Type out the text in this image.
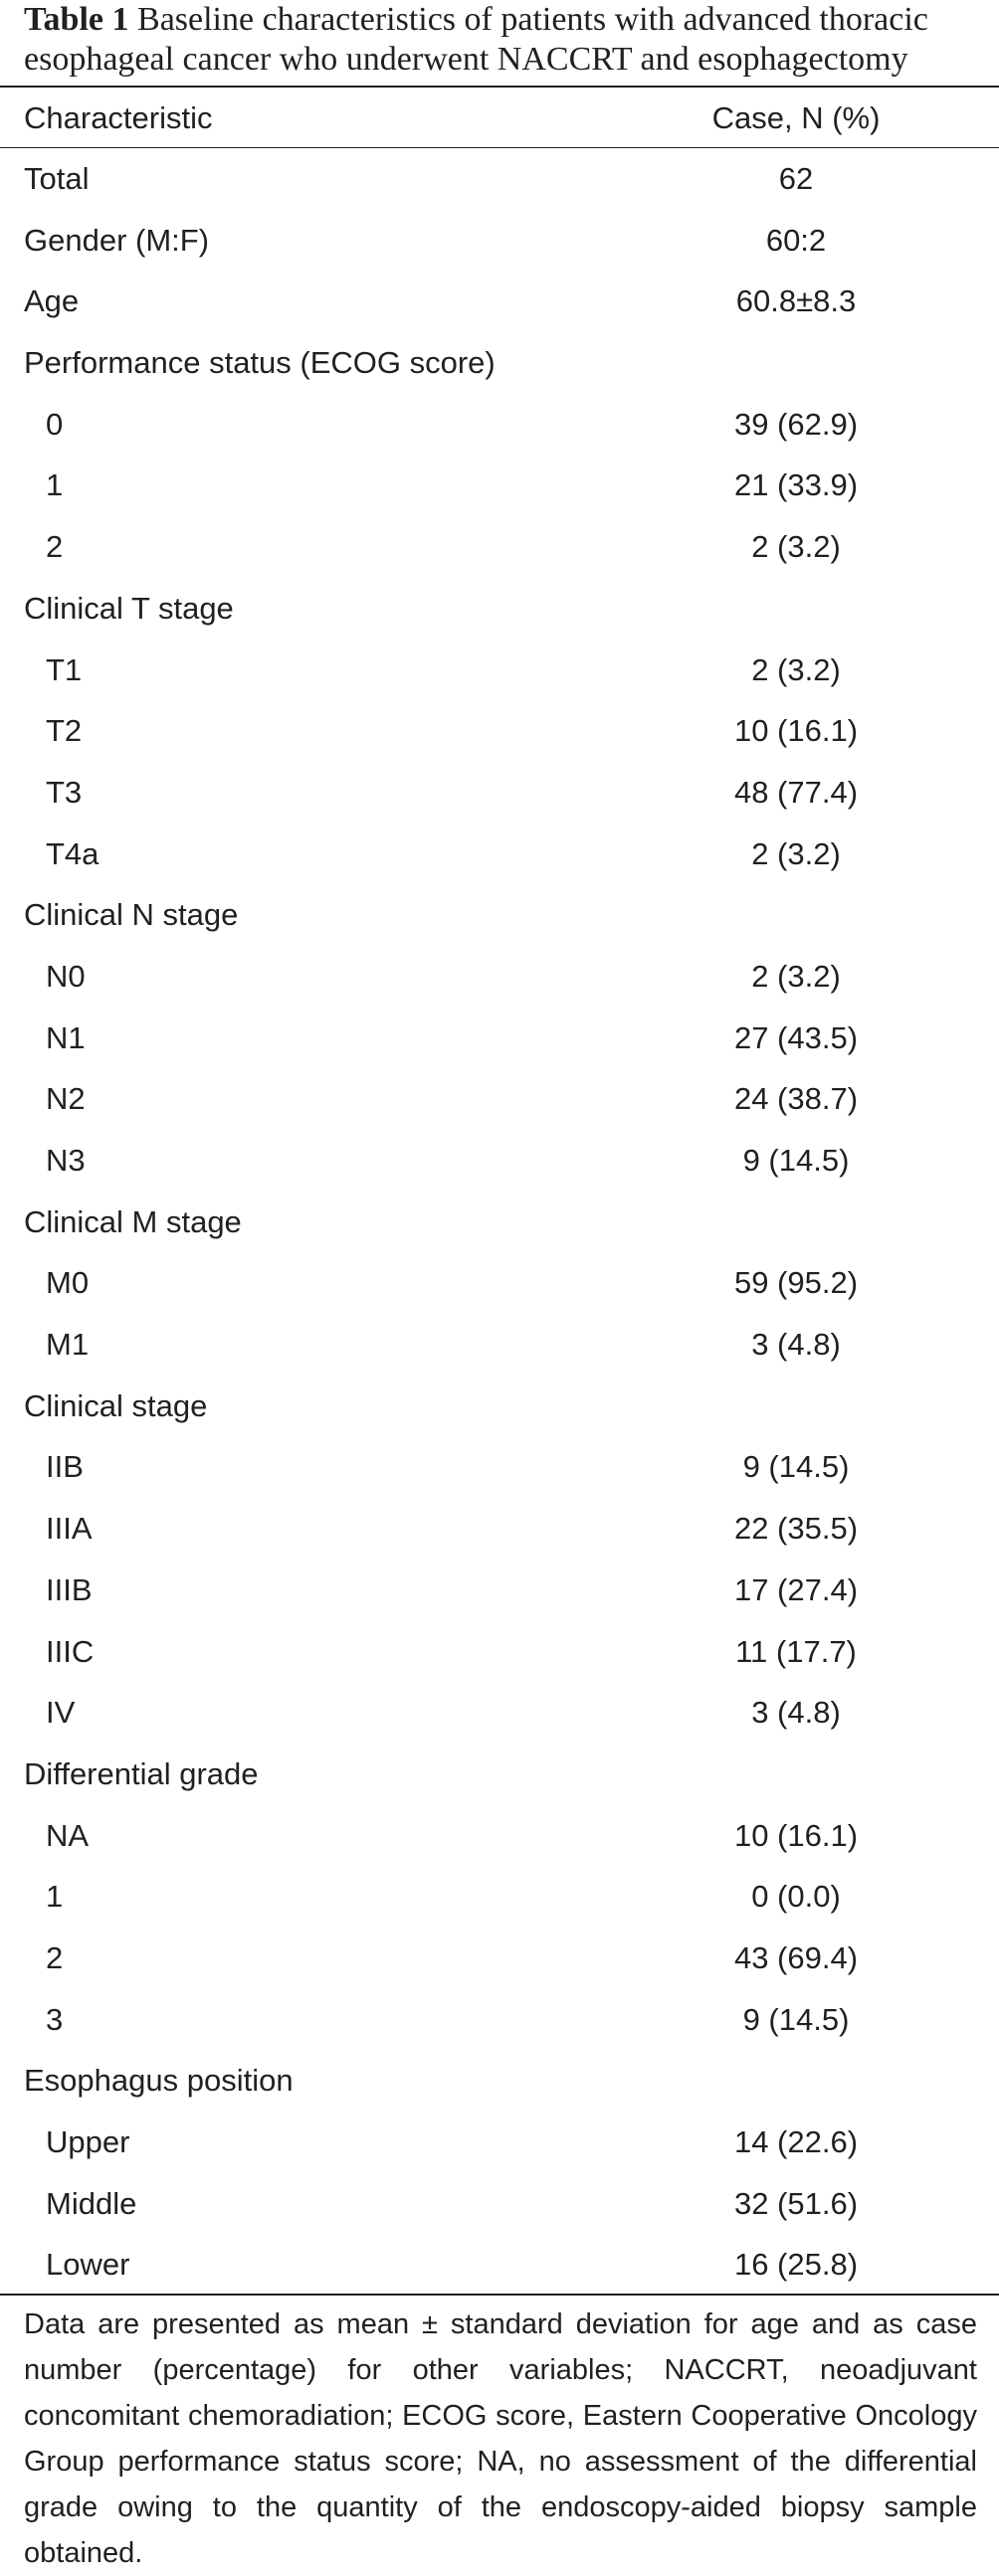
Table 1 Baseline characteristics of patients with advanced thoracic esophageal cancer who underwent NACCRT and esophagectomy
Characteristic	Case, N (%)
Total	62
Gender (M:F)	60:2
Age	60.8±8.3
Performance status (ECOG score)
0	39 (62.9)
1	21 (33.9)
2	2 (3.2)
Clinical T stage
T1	2 (3.2)
T2	10 (16.1)
T3	48 (77.4)
T4a	2 (3.2)
Clinical N stage
N0	2 (3.2)
N1	27 (43.5)
N2	24 (38.7)
N3	9 (14.5)
Clinical M stage
M0	59 (95.2)
M1	3 (4.8)
Clinical stage
IIB	9 (14.5)
IIIA	22 (35.5)
IIIB	17 (27.4)
IIIC	11 (17.7)
IV	3 (4.8)
Differential grade
NA	10 (16.1)
1	0 (0.0)
2	43 (69.4)
3	9 (14.5)
Esophagus position
Upper	14 (22.6)
Middle	32 (51.6)
Lower	16 (25.8)
Data are presented as mean ± standard deviation for age and as case number (percentage) for other variables; NACCRT, neoadjuvant concomitant chemoradiation; ECOG score, Eastern Cooperative Oncology Group performance status score; NA, no assessment of the differential grade owing to the quantity of the endoscopy-aided biopsy sample obtained.
